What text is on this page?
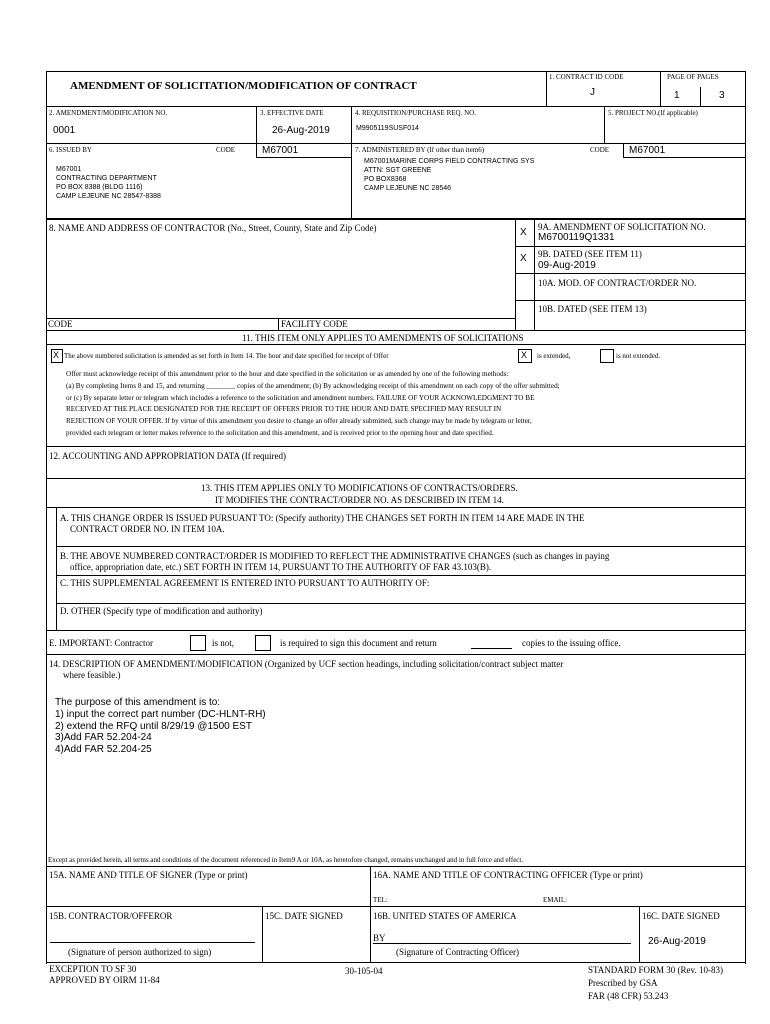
AMENDMENT OF SOLICITATION/MODIFICATION OF CONTRACT
1. CONTRACT ID CODE
J
PAGE OF PAGES
1	3
2. AMENDMENT/MODIFICATION NO.
0001
3. EFFECTIVE DATE
26-Aug-2019
4. REQUISITION/PURCHASE REQ. NO.
M9905119SUSF014
5. PROJECT NO.(If applicable)
6. ISSUED BY	CODE	M67001
M67001
CONTRACTING DEPARTMENT
PO BOX 8388 (BLDG 1116)
CAMP LEJEUNE NC 28547-8388
7. ADMINISTERED BY (If other than item6)	CODE M67001
M67001MARINE CORPS FIELD CONTRACTING SYS
ATTN: SGT GREENE
PO BOX8368
CAMP LEJEUNE NC 28546
8. NAME AND ADDRESS OF CONTRACTOR (No., Street, County, State and Zip Code)	X 9A. AMENDMENT OF SOLICITATION NO.
M6700119Q1331
X 9B. DATED (SEE ITEM 11)
09-Aug-2019
10A. MOD. OF CONTRACT/ORDER NO.
10B. DATED (SEE ITEM 13)
CODE	FACILITY CODE
11. THIS ITEM ONLY APPLIES TO AMENDMENTS OF SOLICITATIONS
X The above numbered solicitation is amended as set forth in Item 14. The hour and date specified for receipt of Offer	X is extended,	is not extended.
Offer must acknowledge receipt of this amendment prior to the hour and date specified in the solicitation or as amended by one of the following methods:
(a) By completing Items 8 and 15, and returning ________ copies of the amendment; (b) By acknowledging receipt of this amendment on each copy of the offer submitted;
or (c) By separate letter or telegram which includes a reference to the solicitation and amendment numbers. FAILURE OF YOUR ACKNOWLEDGMENT TO BE
RECEIVED AT THE PLACE DESIGNATED FOR THE RECEIPT OF OFFERS PRIOR TO THE HOUR AND DATE SPECIFIED MAY RESULT IN
REJECTION OF YOUR OFFER. If by virtue of this amendment you desire to change an offer already submitted, such change may be made by telegram or letter,
provided each telegram or letter makes reference to the solicitation and this amendment, and is received prior to the opening hour and date specified.
12. ACCOUNTING AND APPROPRIATION DATA (If required)
13. THIS ITEM APPLIES ONLY TO MODIFICATIONS OF CONTRACTS/ORDERS.
IT MODIFIES THE CONTRACT/ORDER NO. AS DESCRIBED IN ITEM 14.
A. THIS CHANGE ORDER IS ISSUED PURSUANT TO: (Specify authority) THE CHANGES SET FORTH IN ITEM 14 ARE MADE IN THE
CONTRACT ORDER NO. IN ITEM 10A.
B. THE ABOVE NUMBERED CONTRACT/ORDER IS MODIFIED TO REFLECT THE ADMINISTRATIVE CHANGES (such as changes in paying
office, appropriation date, etc.) SET FORTH IN ITEM 14, PURSUANT TO THE AUTHORITY OF FAR 43.103(B).
C. THIS SUPPLEMENTAL AGREEMENT IS ENTERED INTO PURSUANT TO AUTHORITY OF:
D. OTHER (Specify type of modification and authority)
E. IMPORTANT: Contractor	is not,	is required to sign this document and return	copies to the issuing office.
14. DESCRIPTION OF AMENDMENT/MODIFICATION (Organized by UCF section headings, including solicitation/contract subject matter
where feasible.)
The purpose of this amendment is to:
1) input the correct part number (DC-HLNT-RH)
2) extend the RFQ until 8/29/19 @1500 EST
3)Add FAR 52.204-24
4)Add FAR 52.204-25
Except as provided herein, all terms and conditions of the document referenced in Item9 A or 10A, as heretofore changed, remains unchanged and in full force and effect.
15A. NAME AND TITLE OF SIGNER (Type or print)	16A. NAME AND TITLE OF CONTRACTING OFFICER (Type or print)
TEL:	EMAIL:
15B. CONTRACTOR/OFFEROR	15C. DATE SIGNED	16B. UNITED STATES OF AMERICA	16C. DATE SIGNED
BY	26-Aug-2019
(Signature of person authorized to sign)	(Signature of Contracting Officer)
EXCEPTION TO SF 30
APPROVED BY OIRM 11-84
30-105-04	STANDARD FORM 30 (Rev. 10-83)
Prescribed by GSA
FAR (48 CFR) 53.243
